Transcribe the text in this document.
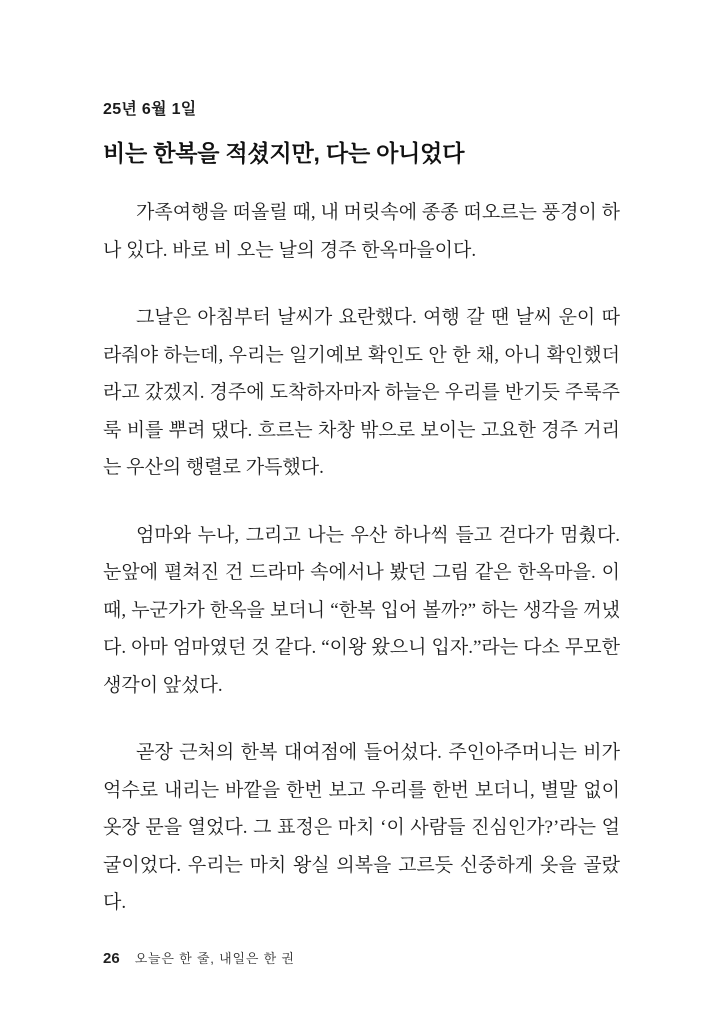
25년 6월 1일
비는 한복을 적셨지만, 다는 아니었다

가족여행을 떠올릴 때, 내 머릿속에 종종 떠오르는 풍경이 하나 있다. 바로 비 오는 날의 경주 한옥마을이다.

그날은 아침부터 날씨가 요란했다. 여행 갈 땐 날씨 운이 따라줘야 하는데, 우리는 일기예보 확인도 안 한 채, 아니 확인했더라고 갔겠지. 경주에 도착하자마자 하늘은 우리를 반기듯 주룩주룩 비를 뿌려 댔다. 흐르는 차창 밖으로 보이는 고요한 경주 거리는 우산의 행렬로 가득했다.

엄마와 누나, 그리고 나는 우산 하나씩 들고 걷다가 멈췄다. 눈앞에 펼쳐진 건 드라마 속에서나 봤던 그림 같은 한옥마을. 이때, 누군가가 한옥을 보더니 “한복 입어 볼까?” 하는 생각을 꺼냈다. 아마 엄마였던 것 같다. “이왕 왔으니 입자.”라는 다소 무모한 생각이 앞섰다.

곧장 근처의 한복 대여점에 들어섰다. 주인아주머니는 비가 억수로 내리는 바깥을 한번 보고 우리를 한번 보더니, 별말 없이 옷장 문을 열었다. 그 표정은 마치 ‘이 사람들 진심인가?’라는 얼굴이었다. 우리는 마치 왕실 의복을 고르듯 신중하게 옷을 골랐다.

26 오늘은 한 줄, 내일은 한 권
